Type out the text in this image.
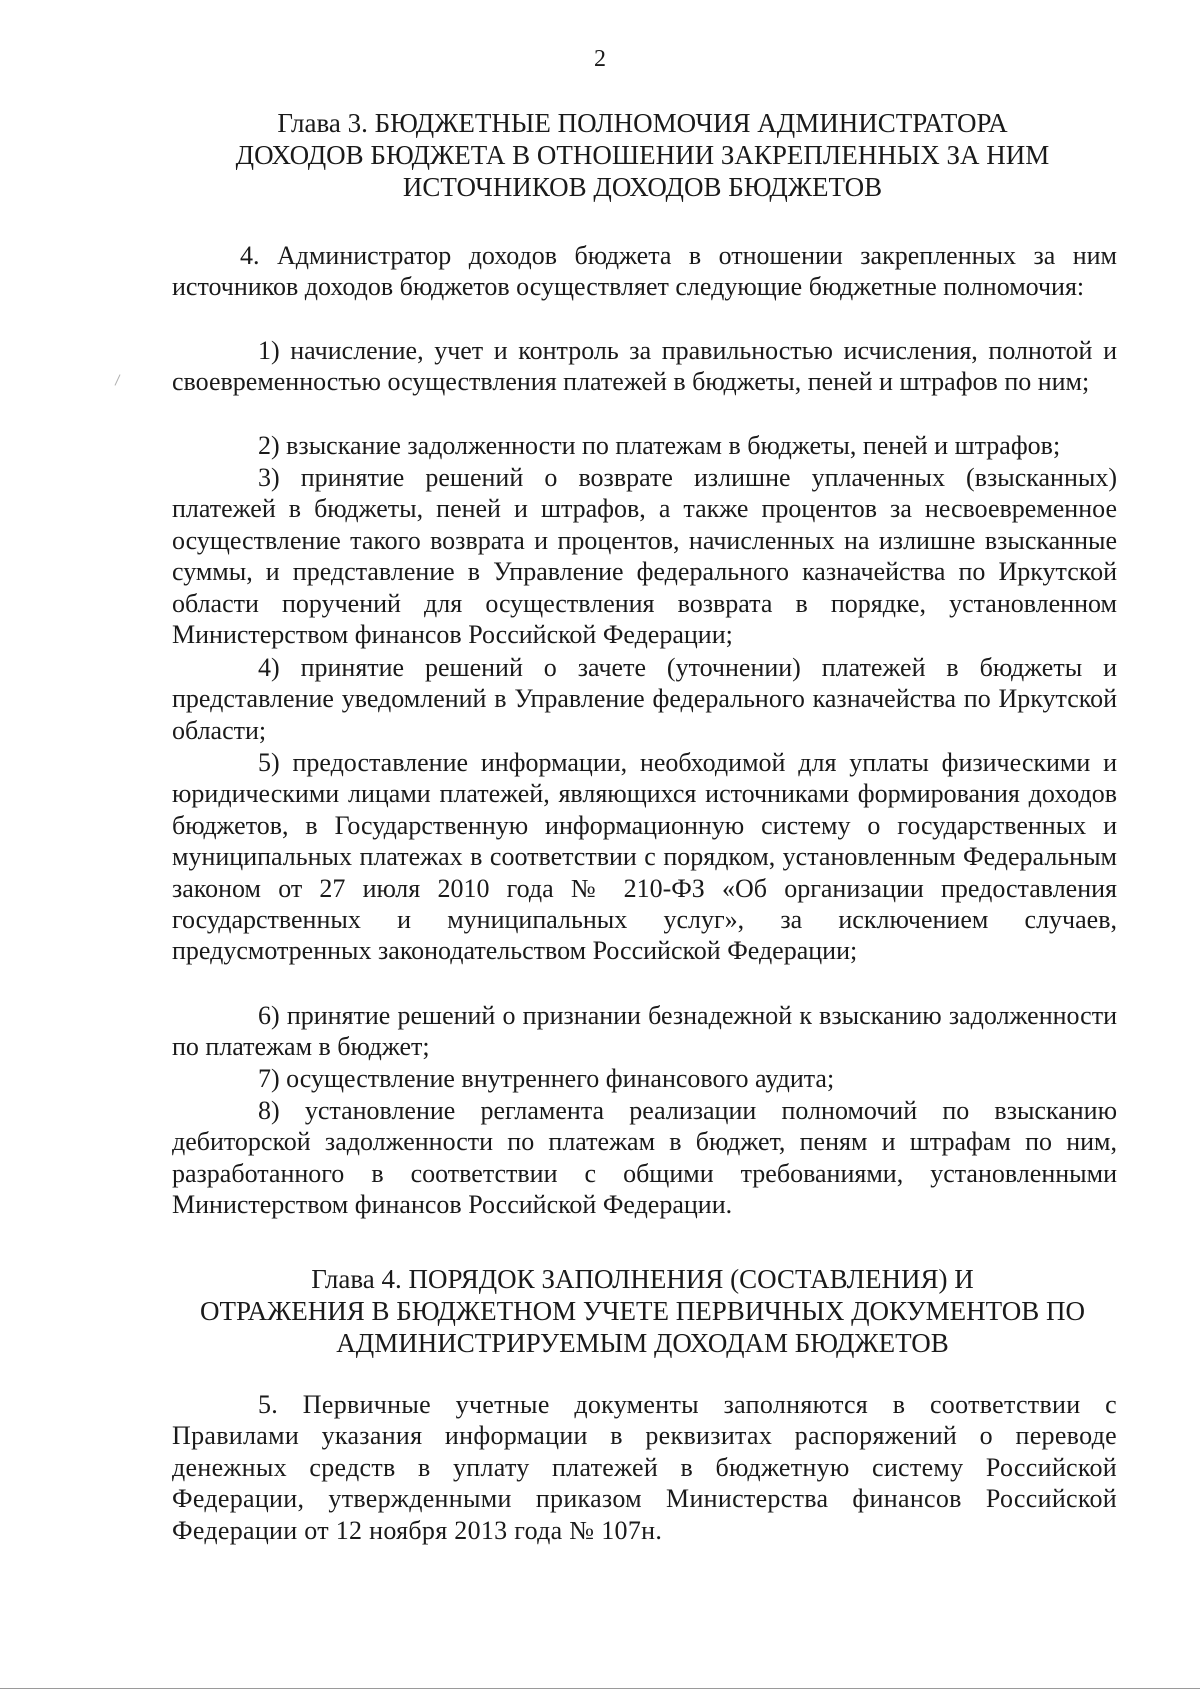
2
Глава 3. БЮДЖЕТНЫЕ ПОЛНОМОЧИЯ АДМИНИСТРАТОРА
ДОХОДОВ БЮДЖЕТА В ОТНОШЕНИИ ЗАКРЕПЛЕННЫХ ЗА НИМ
ИСТОЧНИКОВ ДОХОДОВ БЮДЖЕТОВ
4. Администратор доходов бюджета в отношении закрепленных за ним источников доходов бюджетов осуществляет следующие бюджетные полномочия:
1) начисление, учет и контроль за правильностью исчисления, полнотой и своевременностью осуществления платежей в бюджеты, пеней и штрафов по ним;
2) взыскание задолженности по платежам в бюджеты, пеней и штрафов;
3) принятие решений о возврате излишне уплаченных (взысканных) платежей в бюджеты, пеней и штрафов, а также процентов за несвоевременное осуществление такого возврата и процентов, начисленных на излишне взысканные суммы, и представление в Управление федерального казначейства по Иркутской области поручений для осуществления возврата в порядке, установленном Министерством финансов Российской Федерации;
4) принятие решений о зачете (уточнении) платежей в бюджеты и представление уведомлений в Управление федерального казначейства по Иркутской области;
5) предоставление информации, необходимой для уплаты физическими и юридическими лицами платежей, являющихся источниками формирования доходов бюджетов, в Государственную информационную систему о государственных и муниципальных платежах в соответствии с порядком, установленным Федеральным законом от 27 июля 2010 года № 210-ФЗ «Об организации предоставления государственных и муниципальных услуг», за исключением случаев, предусмотренных законодательством Российской Федерации;
6) принятие решений о признании безнадежной к взысканию задолженности по платежам в бюджет;
7) осуществление внутреннего финансового аудита;
8) установление регламента реализации полномочий по взысканию дебиторской задолженности по платежам в бюджет, пеням и штрафам по ним, разработанного в соответствии с общими требованиями, установленными Министерством финансов Российской Федерации.
Глава 4. ПОРЯДОК ЗАПОЛНЕНИЯ (СОСТАВЛЕНИЯ) И
ОТРАЖЕНИЯ В БЮДЖЕТНОМ УЧЕТЕ ПЕРВИЧНЫХ ДОКУМЕНТОВ ПО
АДМИНИСТРИРУЕМЫМ ДОХОДАМ БЮДЖЕТОВ
5. Первичные учетные документы заполняются в соответствии с Правилами указания информации в реквизитах распоряжений о переводе денежных средств в уплату платежей в бюджетную систему Российской Федерации, утвержденными приказом Министерства финансов Российской Федерации от 12 ноября 2013 года № 107н.
